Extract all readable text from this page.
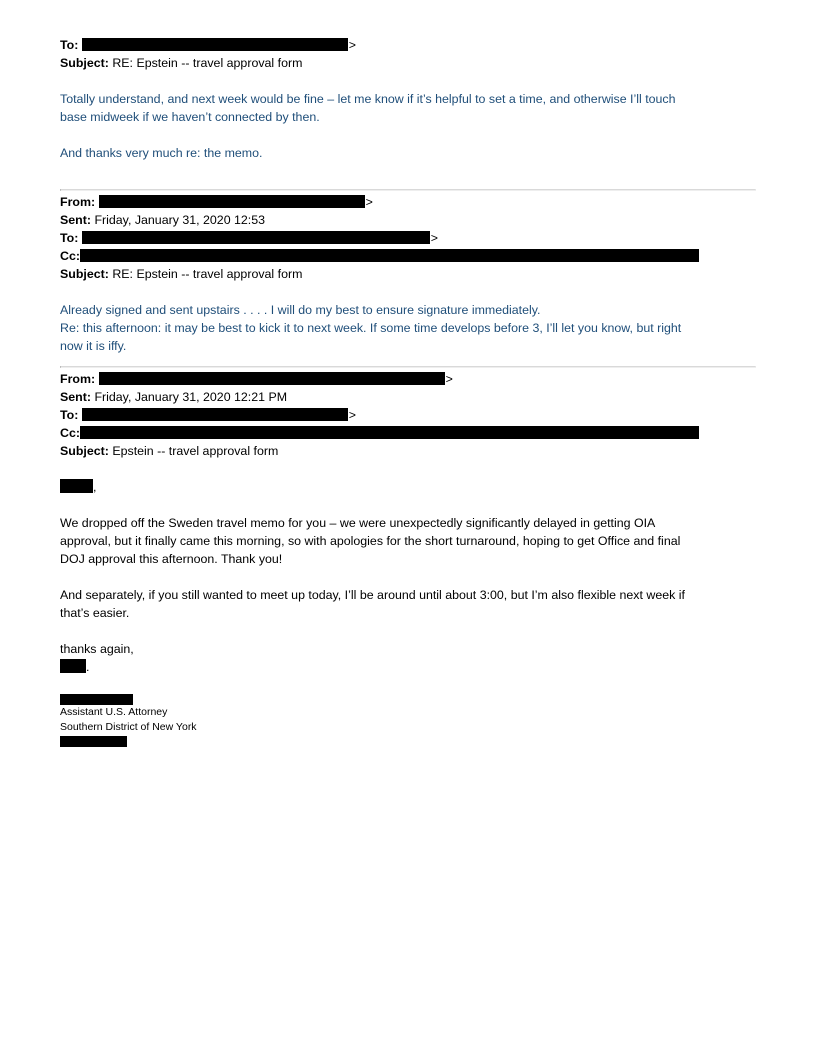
To:	>
Subject: RE: Epstein -- travel approval form

Totally understand, and next week would be fine – let me know if it’s helpful to set a time, and otherwise I’ll touch

base midweek if we haven’t connected by then.

And thanks very much re: the memo.

From:	>
Sent: Friday, January 31, 2020 12:53
To:	>
Cc:
Subject: RE: Epstein -- travel approval form

Already signed and sent upstairs . . . . I will do my best to ensure signature immediately.

Re: this afternoon: it may be best to kick it to next week. If some time develops before 3, I’ll let you know, but right

now it is iffy.

From:	>
Sent: Friday, January 31, 2020 12:21 PM
To:	>
Cc:
Subject: Epstein -- travel approval form
,

We dropped off the Sweden travel memo for you – we were unexpectedly significantly delayed in getting OIA

approval, but it finally came this morning, so with apologies for the short turnaround, hoping to get Office and final

DOJ approval this afternoon. Thank you!

And separately, if you still wanted to meet up today, I’ll be around until about 3:00, but I’m also flexible next week if

that’s easier.

thanks again,

.
Assistant U.S. Attorney
Southern District of New York
